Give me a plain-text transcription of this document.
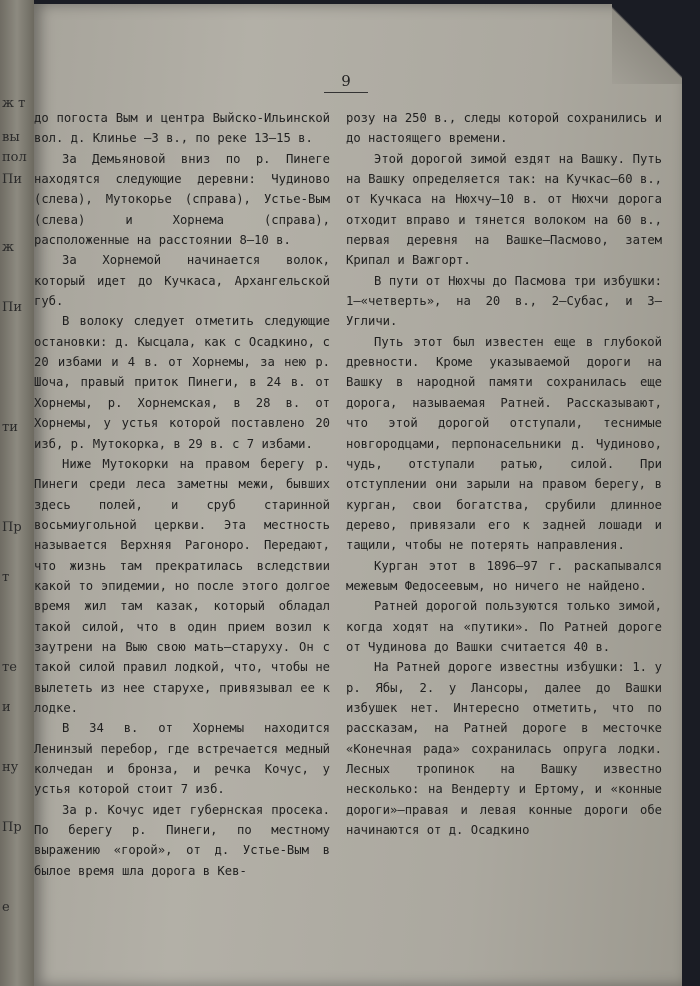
ж т
вы
пол
Пи
ж
Пи
ти
Пр
т
те
и
ну
Пр
е
9

до погоста Вым и центра Выйско-Ильинской вол. д. Клинье —3 в., по реке 13—15 в.

За Демьяновой вниз по р. Пинеге находятся следующие деревни: Чудиново (слева), Мутокорье (справа), Устье-Вым (слева) и Хорнема (справа), расположенные на расстоянии 8—10 в.

За Хорнемой начинается волок, который идет до Кучкаса, Архангельской губ.

В волоку следует отметить следующие остановки: д. Кысцала, как с Осадкино, с 20 избами и 4 в. от Хорнемы, за нею р. Шоча, правый приток Пинеги, в 24 в. от Хорнемы, р. Хорнемская, в 28 в. от Хорнемы, у устья которой поставлено 20 изб, р. Мутокорка, в 29 в. с 7 избами.

Ниже Мутокорки на правом берегу р. Пинеги среди леса заметны межи, бывших здесь полей, и сруб старинной восьмиугольной церкви. Эта местность называется Верхняя Рагоноро. Передают, что жизнь там прекратилась вследствии какой то эпидемии, но после этого долгое время жил там казак, который обладал такой силой, что в один прием возил к заутрени на Выю свою мать—старуху. Он с такой силой правил лодкой, что, чтобы не вылететь из нее старухе, привязывал ее к лодке.

В 34 в. от Хорнемы находится Ленинзый перебор, где встречается медный колчедан и бронза, и речка Кочус, у устья которой стоит 7 изб.

За р. Кочус идет губернская просека. По берегу р. Пинеги, по местному выражению «горой», от д. Устье-Вым в былое время шла дорога в Кев-

розу на 250 в., следы которой сохранились и до настоящего времени.

Этой дорогой зимой ездят на Вашку. Путь на Вашку определяется так: на Кучкас—60 в., от Кучкаса на Нюхчу—10 в. от Нюхчи дорога отходит вправо и тянется волоком на 60 в., первая деревня на Вашке—Пасмово, затем Крипал и Важгорт.

В пути от Нюхчы до Пасмова три избушки: 1—«четверть», на 20 в., 2—Субас, и 3—Угличи.

Путь этот был известен еще в глубокой древности. Кроме указываемой дороги на Вашку в народной памяти сохранилась еще дорога, называемая Ратней. Рассказывают, что этой дорогой отступали, теснимые новгородцами, перпонасельники д. Чудиново, чудь, отступали ратью, силой. При отступлении они зарыли на правом берегу, в курган, свои богатства, срубили длинное дерево, привязали его к задней лошади и тащили, чтобы не потерять направления.

Курган этот в 1896—97 г. раскапывался межевым Федосеевым, но ничего не найдено.

Ратней дорогой пользуются только зимой, когда ходят на «путики». По Ратней дороге от Чудинова до Вашки считается 40 в.

На Ратней дороге известны избушки: 1. у р. Ябы, 2. у Лансоры, далее до Вашки избушек нет. Интересно отметить, что по рассказам, на Ратней дороге в месточке «Конечная рада» сохранилась опруга лодки. Лесных тропинок на Вашку известно несколько: на Вендерту и Ертому, и «конные дороги»—правая и левая конные дороги обе начинаются от д. Осадкино
